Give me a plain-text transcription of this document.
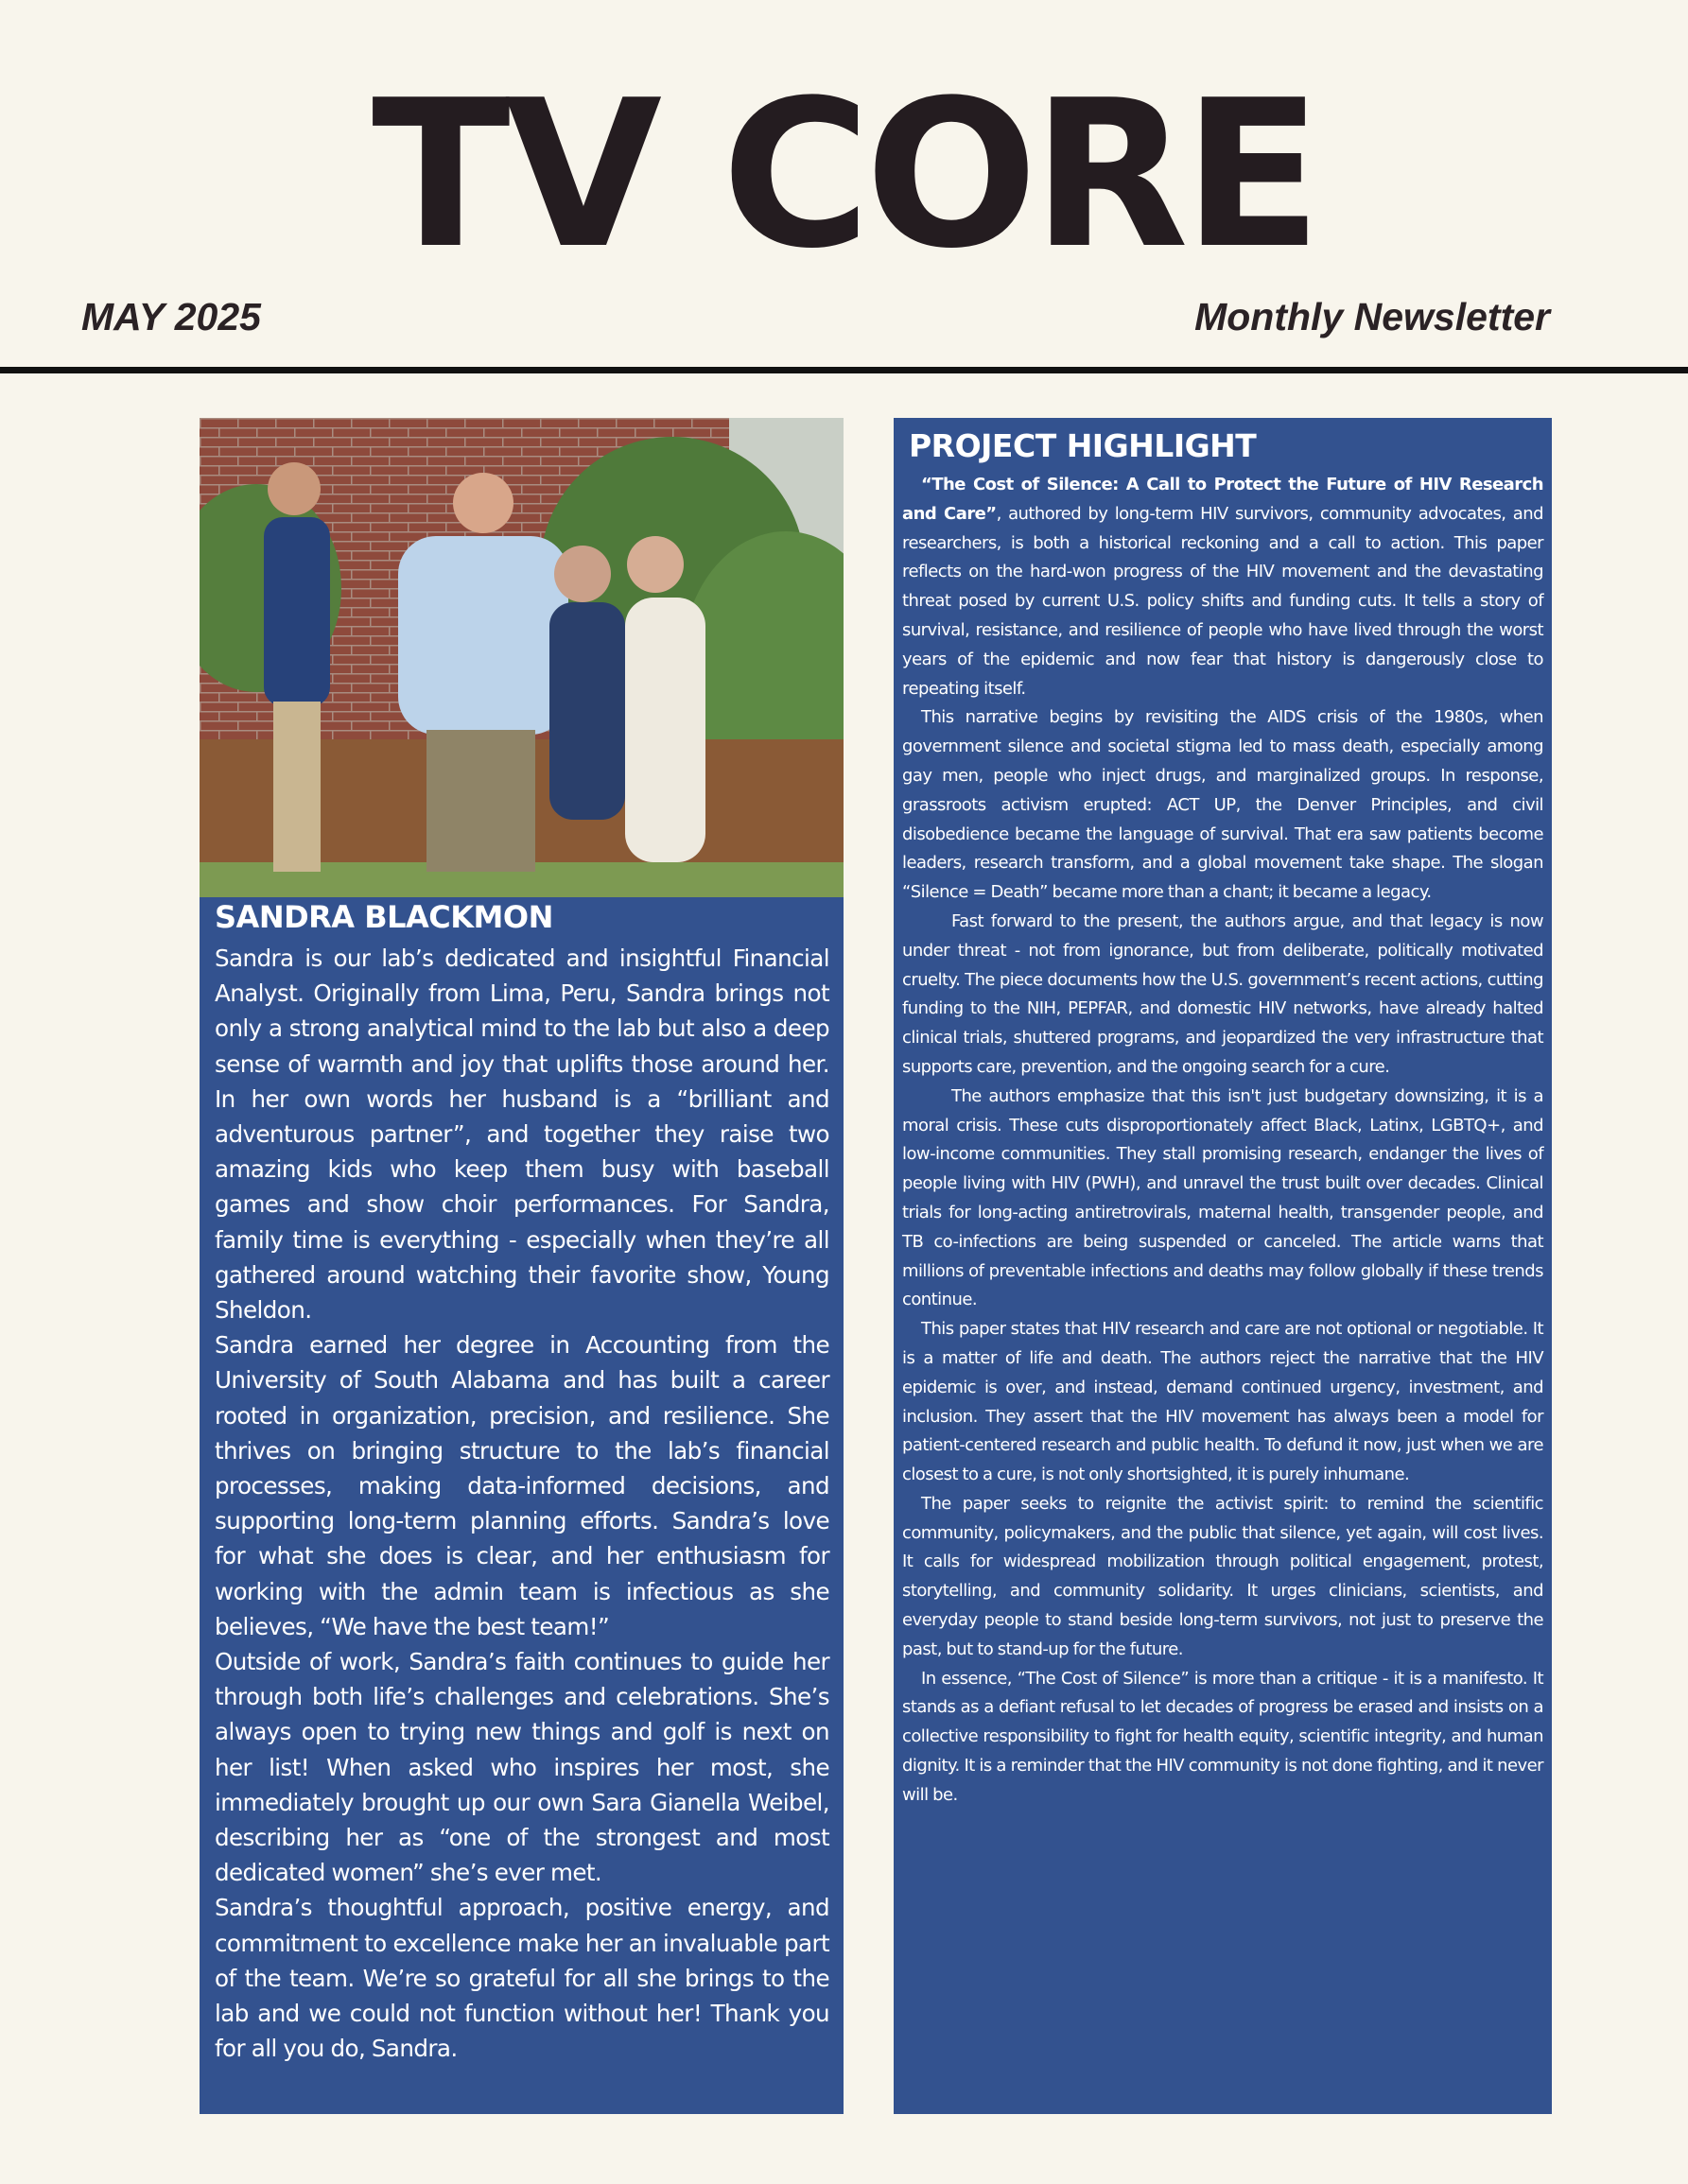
TV CORE
MAY 2025	Monthly Newsletter
SANDRA BLACKMON

Sandra is our lab’s dedicated and insightful Financial Analyst. Originally from Lima, Peru, Sandra brings not only a strong analytical mind to the lab but also a deep sense of warmth and joy that uplifts those around her. In her own words her husband is a “brilliant and adventurous partner”, and together they raise two amazing kids who keep them busy with baseball games and show choir performances. For Sandra, family time is everything - especially when they’re all gathered around watching their favorite show, Young Sheldon.

Sandra earned her degree in Accounting from the University of South Alabama and has built a career rooted in organization, precision, and resilience. She thrives on bringing structure to the lab’s financial processes, making data-informed decisions, and supporting long-term planning efforts. Sandra’s love for what she does is clear, and her enthusiasm for working with the admin team is infectious as she believes, “We have the best team!”

Outside of work, Sandra’s faith continues to guide her through both life’s challenges and celebrations. She’s always open to trying new things and golf is next on her list! When asked who inspires her most, she immediately brought up our own Sara Gianella Weibel, describing her as “one of the strongest and most dedicated women” she’s ever met.

Sandra’s thoughtful approach, positive energy, and commitment to excellence make her an invaluable part of the team. We’re so grateful for all she brings to the lab and we could not function without her! Thank you for all you do, Sandra.

PROJECT HIGHLIGHT

“The Cost of Silence: A Call to Protect the Future of HIV Research and Care”, authored by long-term HIV survivors, community advocates, and researchers, is both a historical reckoning and a call to action. This paper reflects on the hard-won progress of the HIV movement and the devastating threat posed by current U.S. policy shifts and funding cuts. It tells a story of survival, resistance, and resilience of people who have lived through the worst years of the epidemic and now fear that history is dangerously close to repeating itself.

This narrative begins by revisiting the AIDS crisis of the 1980s, when government silence and societal stigma led to mass death, especially among gay men, people who inject drugs, and marginalized groups. In response, grassroots activism erupted: ACT UP, the Denver Principles, and civil disobedience became the language of survival. That era saw patients become leaders, research transform, and a global movement take shape. The slogan “Silence = Death” became more than a chant; it became a legacy.

Fast forward to the present, the authors argue, and that legacy is now under threat - not from ignorance, but from deliberate, politically motivated cruelty. The piece documents how the U.S. government’s recent actions, cutting funding to the NIH, PEPFAR, and domestic HIV networks, have already halted clinical trials, shuttered programs, and jeopardized the very infrastructure that supports care, prevention, and the ongoing search for a cure.

The authors emphasize that this isn't just budgetary downsizing, it is a moral crisis. These cuts disproportionately affect Black, Latinx, LGBTQ+, and low-income communities. They stall promising research, endanger the lives of people living with HIV (PWH), and unravel the trust built over decades. Clinical trials for long-acting antiretrovirals, maternal health, transgender people, and TB co-infections are being suspended or canceled. The article warns that millions of preventable infections and deaths may follow globally if these trends continue.

This paper states that HIV research and care are not optional or negotiable. It is a matter of life and death. The authors reject the narrative that the HIV epidemic is over, and instead, demand continued urgency, investment, and inclusion. They assert that the HIV movement has always been a model for patient-centered research and public health. To defund it now, just when we are closest to a cure, is not only shortsighted, it is purely inhumane.

The paper seeks to reignite the activist spirit: to remind the scientific community, policymakers, and the public that silence, yet again, will cost lives. It calls for widespread mobilization through political engagement, protest, storytelling, and community solidarity. It urges clinicians, scientists, and everyday people to stand beside long-term survivors, not just to preserve the past, but to stand-up for the future.

In essence, “The Cost of Silence” is more than a critique - it is a manifesto. It stands as a defiant refusal to let decades of progress be erased and insists on a collective responsibility to fight for health equity, scientific integrity, and human dignity. It is a reminder that the HIV community is not done fighting, and it never will be.
